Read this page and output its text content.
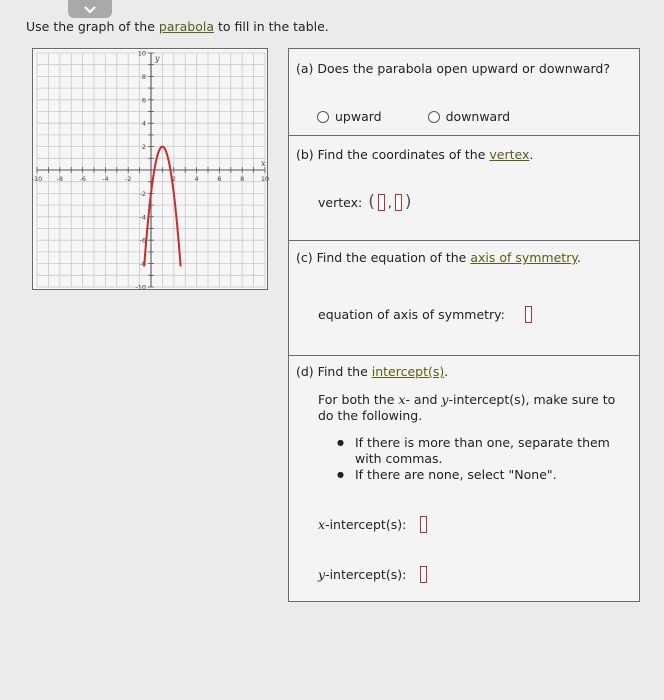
Use the graph of the parabola to fill in the table.
-10 -8	-6	-4	-2	2	4	6	8	10
10
8
6
4
2
-2
-4
-6
-8
-10
x
y
(a) Does the parabola open upward or downward?
upward	downward
(b) Find the coordinates of the vertex.
vertex: ( , )
(c) Find the equation of the axis of symmetry.
equation of axis of symmetry:
(d) Find the intercept(s).
For both the x- and y-intercept(s), make sure to do the following.
● If there is more than one, separate them with commas.
● If there are none, select "None".
x-intercept(s):
y-intercept(s):
